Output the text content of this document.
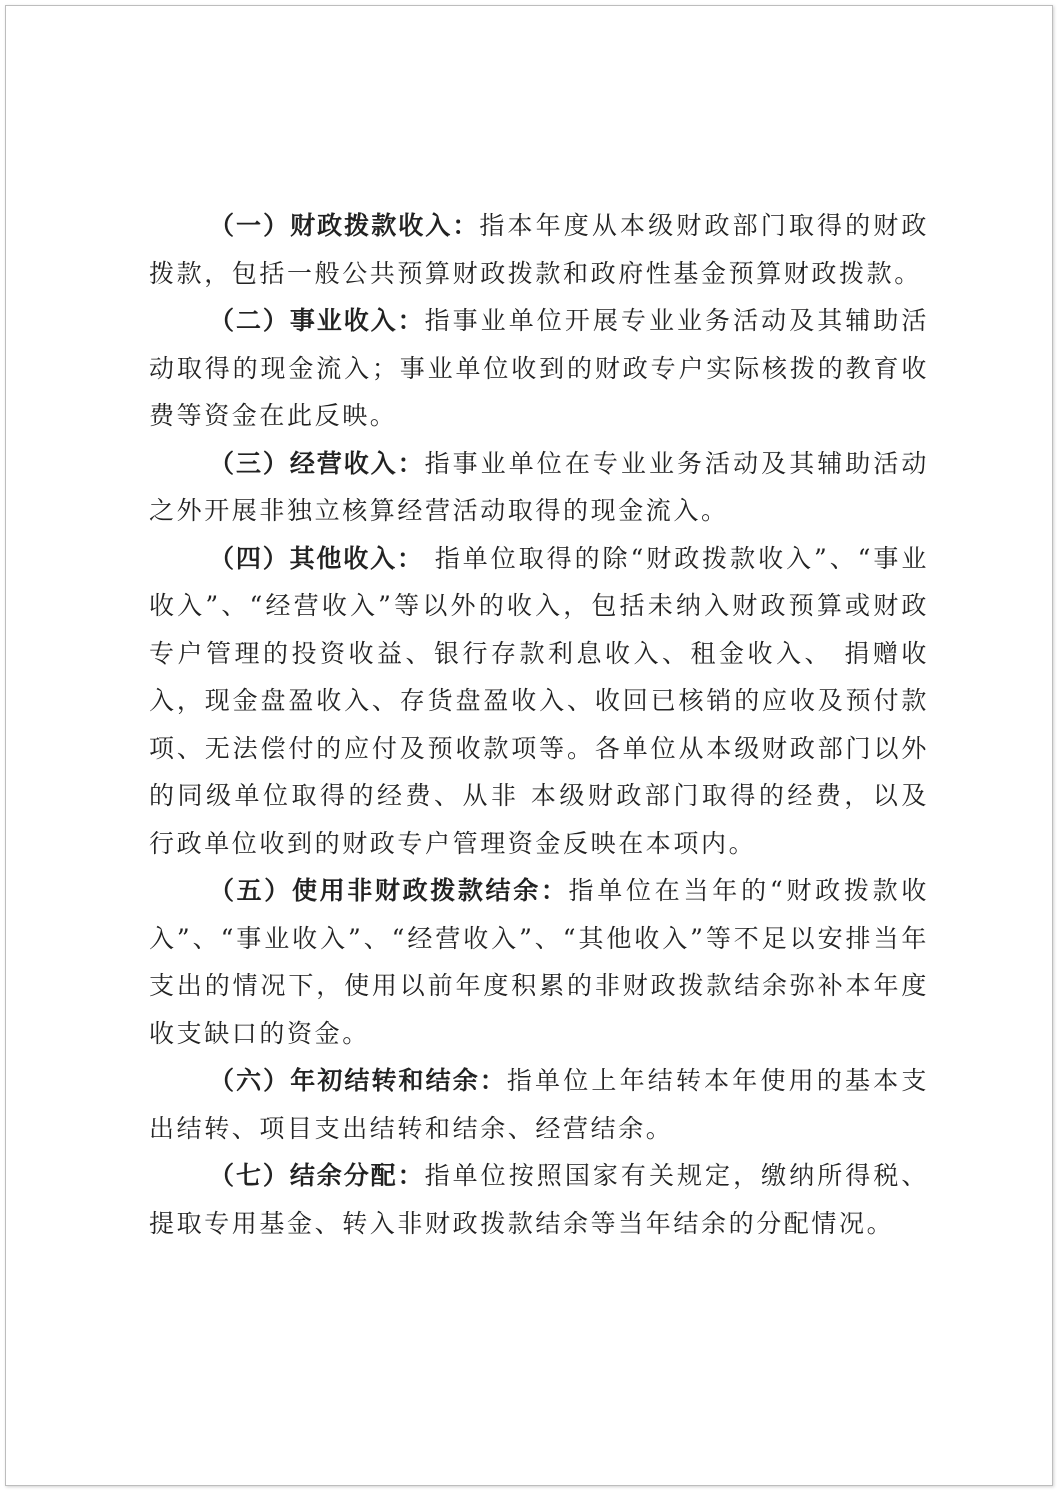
（一）财政拨款收入：指本年度从本级财政部门取得的财政拨款，包括一般公共预算财政拨款和政府性基金预算财政拨款。

（二）事业收入：指事业单位开展专业业务活动及其辅助活动取得的现金流入；事业单位收到的财政专户实际核拨的教育收费等资金在此反映。

（三）经营收入：指事业单位在专业业务活动及其辅助活动之外开展非独立核算经营活动取得的现金流入。

（四）其他收入： 指单位取得的除“财政拨款收入”、“事业收入”、“经营收入”等以外的收入，包括未纳入财政预算或财政专户管理的投资收益、银行存款利息收入、租金收入、 捐赠收入，现金盘盈收入、存货盘盈收入、收回已核销的应收及预付款项、无法偿付的应付及预收款项等。各单位从本级财政部门以外的同级单位取得的经费、从非 本级财政部门取得的经费，以及行政单位收到的财政专户管理资金反映在本项内。

（五）使用非财政拨款结余：指单位在当年的“财政拨款收入”、“事业收入”、“经营收入”、“其他收入”等不足以安排当年支出的情况下，使用以前年度积累的非财政拨款结余弥补本年度收支缺口的资金。

（六）年初结转和结余：指单位上年结转本年使用的基本支出结转、项目支出结转和结余、经营结余。

（七）结余分配：指单位按照国家有关规定，缴纳所得税、提取专用基金、转入非财政拨款结余等当年结余的分配情况。
